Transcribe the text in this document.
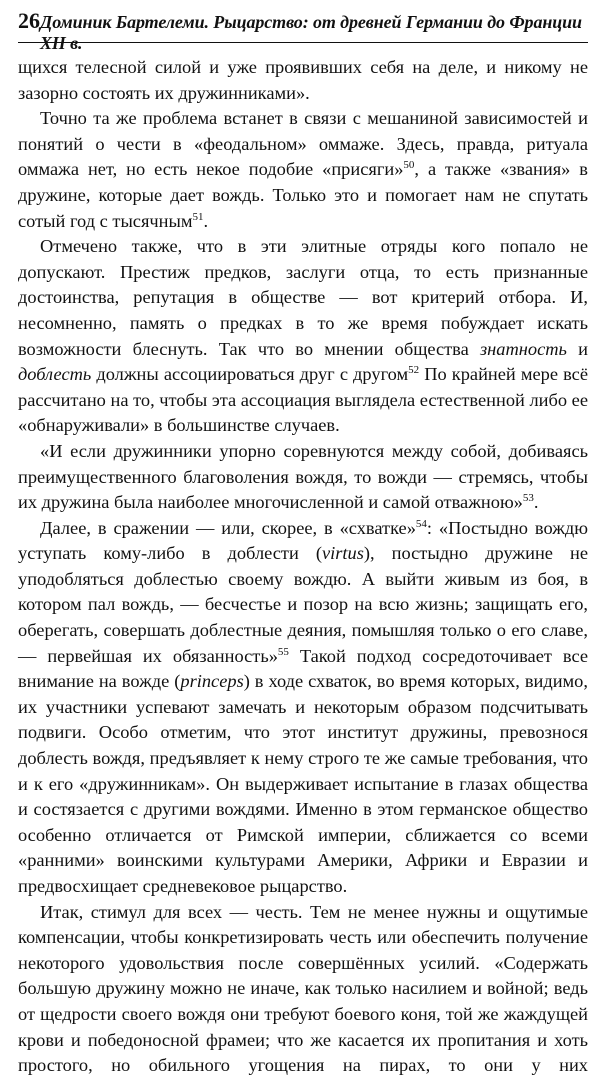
26 Доминик Бартелеми. Рыцарство: от древней Германии до Франции XII в.

щихся телесной силой и уже проявивших себя на деле, и никому не зазорно состоять их дружинниками».

Точно та же проблема встанет в связи с мешаниной зависимостей и понятий о чести в «феодальном» оммаже. Здесь, правда, ритуала оммажа нет, но есть некое подобие «присяги»$^{50}$, а также «звания» в дружине, которые дает вождь. Только это и помогает нам не спутать сотый год с тысячным$^{51}$.

Отмечено также, что в эти элитные отряды кого попало не допускают. Престиж предков, заслуги отца, то есть признанные достоинства, репутация в обществе — вот критерий отбора. И, несомненно, память о предках в то же время побуждает искать возможности блеснуть. Так что во мнении общества знатность и доблесть должны ассоциироваться друг с другом$^{52}$ По крайней мере всё рассчитано на то, чтобы эта ассоциация выглядела естественной либо ее «обнаруживали» в большинстве случаев.

«И если дружинники упорно соревнуются между собой, добиваясь преимущественного благоволения вождя, то вожди — стремясь, чтобы их дружина была наиболее многочисленной и самой отважною»$^{53}$.

Далее, в сражении — или, скорее, в «схватке»$^{54}$: «Постыдно вождю уступать кому-либо в доблести (virtus), постыдно дружине не уподобляться доблестью своему вождю. А выйти живым из боя, в котором пал вождь, — бесчестье и позор на всю жизнь; защищать его, оберегать, совершать доблестные деяния, помышляя только о его славе, — первейшая их обязанность»$^{55}$ Такой подход сосредоточивает все внимание на вожде (princeps) в ходе схваток, во время которых, видимо, их участники успевают замечать и некоторым образом подсчитывать подвиги. Особо отметим, что этот институт дружины, превознося доблесть вождя, предъявляет к нему строго те же самые требования, что и к его «дружинникам». Он выдерживает испытание в глазах общества и состязается с другими вождями. Именно в этом германское общество особенно отличается от Римской империи, сближается со всеми «ранними» воинскими культурами Америки, Африки и Евразии и предвосхищает средневековое рыцарство.

Итак, стимул для всех — честь. Тем не менее нужны и ощутимые компенсации, чтобы конкретизировать честь или обеспечить получение некоторого удовольствия после совершённых усилий. «Содержать большую дружину можно не иначе, как только насилием и войной; ведь от щедрости своего вождя они требуют боевого коня, той же жаждущей крови и победоносной фрамеи; что же касается их пропитания и хоть простого, но обильного угощения на пирах, то они у них
